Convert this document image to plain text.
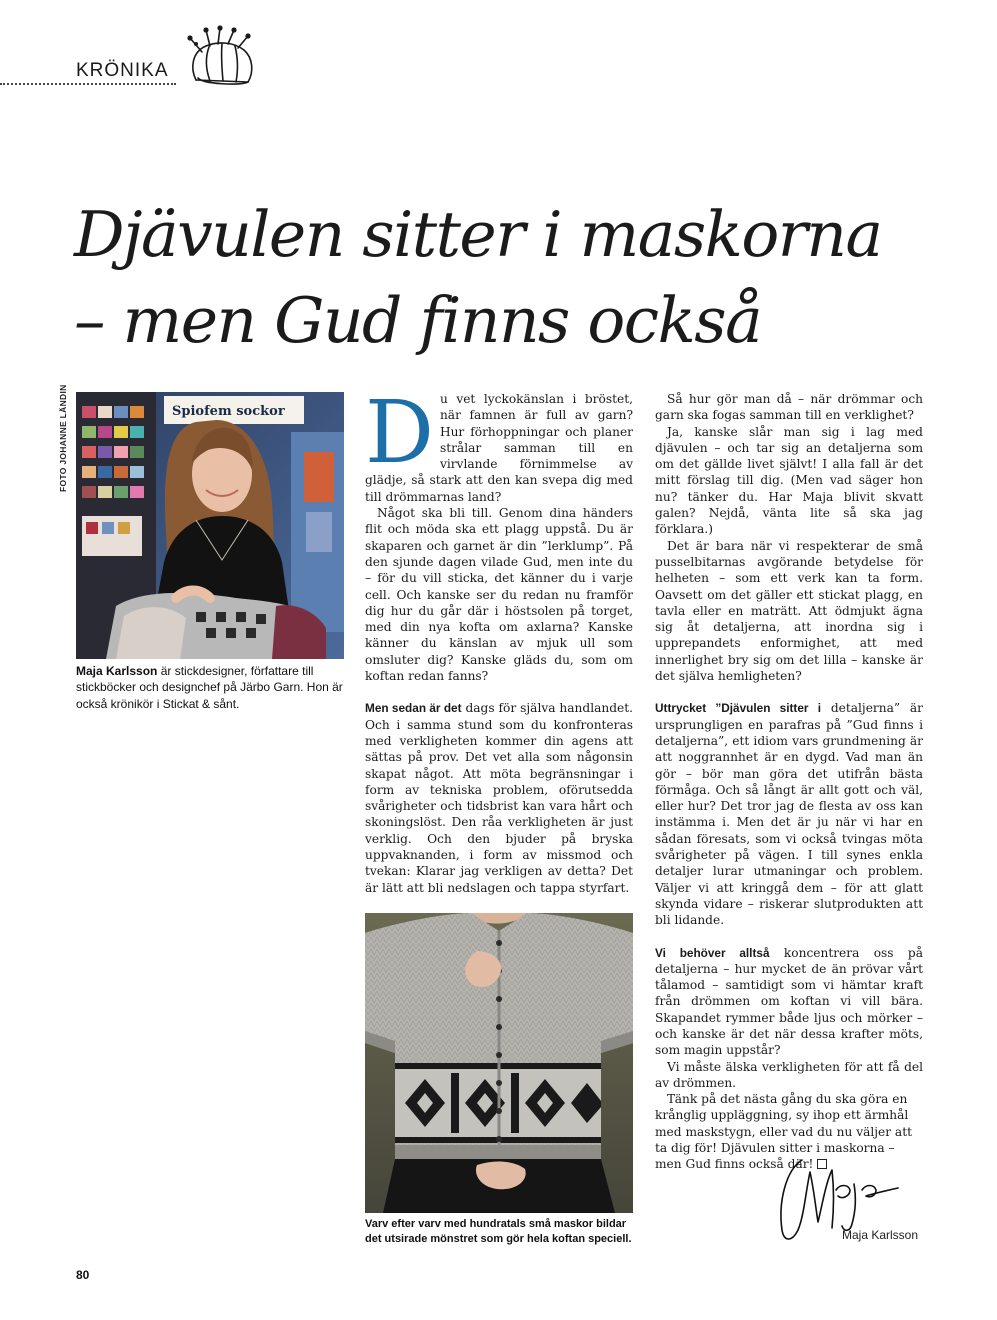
KRÖNIKA
Djävulen sitter i maskorna
– men Gud finns också
FOTO JOHANNE LÄNDIN	Spiofem sockor
Maja Karlsson är stickdesigner, författare till stickböcker och designchef på Järbo Garn. Hon är också krönikör i Stickat & sånt.
D u vet lyckokänslan i bröstet, när famnen är full av garn? Hur förhoppningar och planer strålar samman till en virvlande förnimmelse av glädje, så stark att den kan svepa dig med till drömmarnas land?

Något ska bli till. Genom dina händers flit och möda ska ett plagg uppstå. Du är skaparen och garnet är din ”lerklump”. På den sjunde dagen vilade Gud, men inte du – för du vill sticka, det känner du i varje cell. Och kanske ser du redan nu framför dig hur du går där i höstsolen på torget, med din nya kofta om axlarna? Kanske känner du känslan av mjuk ull som omsluter dig? Kanske gläds du, som om koftan redan fanns?

Men sedan är det dags för själva handlandet. Och i samma stund som du konfronteras med verkligheten kommer din agens att sättas på prov. Det vet alla som någonsin skapat något. Att möta begränsningar i form av tekniska problem, oförutsedda svårigheter och tidsbrist kan vara hårt och skoningslöst. Den råa verkligheten är just verklig. Och den bjuder på bryska uppvaknanden, i form av missmod och tvekan: Klarar jag verkligen av detta? Det är lätt att bli nedslagen och tappa styrfart.

Varv efter varv med hundratals små maskor bildar det utsirade mönstret som gör hela koftan speciell.

Så hur gör man då – när drömmar och garn ska fogas samman till en verklighet?

Ja, kanske slår man sig i lag med djävulen – och tar sig an detaljerna som om det gällde livet självt! I alla fall är det mitt förslag till dig. (Men vad säger hon nu? tänker du. Har Maja blivit skvatt galen? Nejdå, vänta lite så ska jag förklara.)

Det är bara när vi respekterar de små pusselbitarnas avgörande betydelse för helheten – som ett verk kan ta form. Oavsett om det gäller ett stickat plagg, en tavla eller en maträtt. Att ödmjukt ägna sig åt detaljerna, att inordna sig i upprepandets enformighet, att med innerlighet bry sig om det lilla – kanske är det själva hemligheten?

Uttrycket ”Djävulen sitter i detaljerna” är ursprungligen en parafras på ”Gud finns i detaljerna”, ett idiom vars grundmening är att noggrannhet är en dygd. Vad man än gör – bör man göra det utifrån bästa förmåga. Och så långt är allt gott och väl, eller hur? Det tror jag de flesta av oss kan instämma i. Men det är ju när vi har en sådan föresats, som vi också tvingas möta svårigheter på vägen. I till synes enkla detaljer lurar utmaningar och problem. Väljer vi att kringgå dem – för att glatt skynda vidare – riskerar slutprodukten att bli lidande.

Vi behöver alltså koncentrera oss på detaljerna – hur mycket de än prövar vårt tålamod – samtidigt som vi hämtar kraft från drömmen om koftan vi vill bära. Skapandet rymmer både ljus och mörker – och kanske är det när dessa krafter möts, som magin uppstår?

Vi måste älska verkligheten för att få del av drömmen.

Tänk på det nästa gång du ska göra en krånglig uppläggning, sy ihop ett ärmhål med maskstygn, eller vad du nu väljer att ta dig för! Djävulen sitter i maskorna – men Gud finns också där!

Maja Karlsson
80
